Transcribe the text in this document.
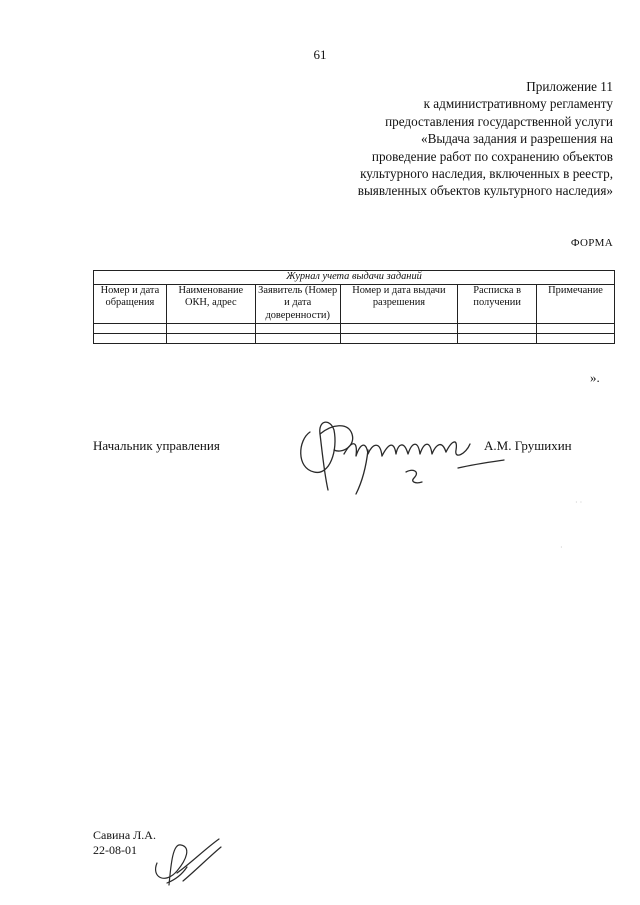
61
Приложение 11
к административному регламенту
предоставления государственной услуги
«Выдача задания и разрешения на
проведение работ по сохранению объектов
культурного наследия, включенных в реестр,
выявленных объектов культурного наследия»
ФОРМА
Журнал учета выдачи заданий					
Номер и дата обращения	Наименование ОКН, адрес	Заявитель (Номер и дата доверенности)	Номер и дата выдачи разрешения	Расписка в получении	Примечание

».
Начальник управления	А.М. Грушихин
Савина Л.А.
22-08-01
· ·
·
